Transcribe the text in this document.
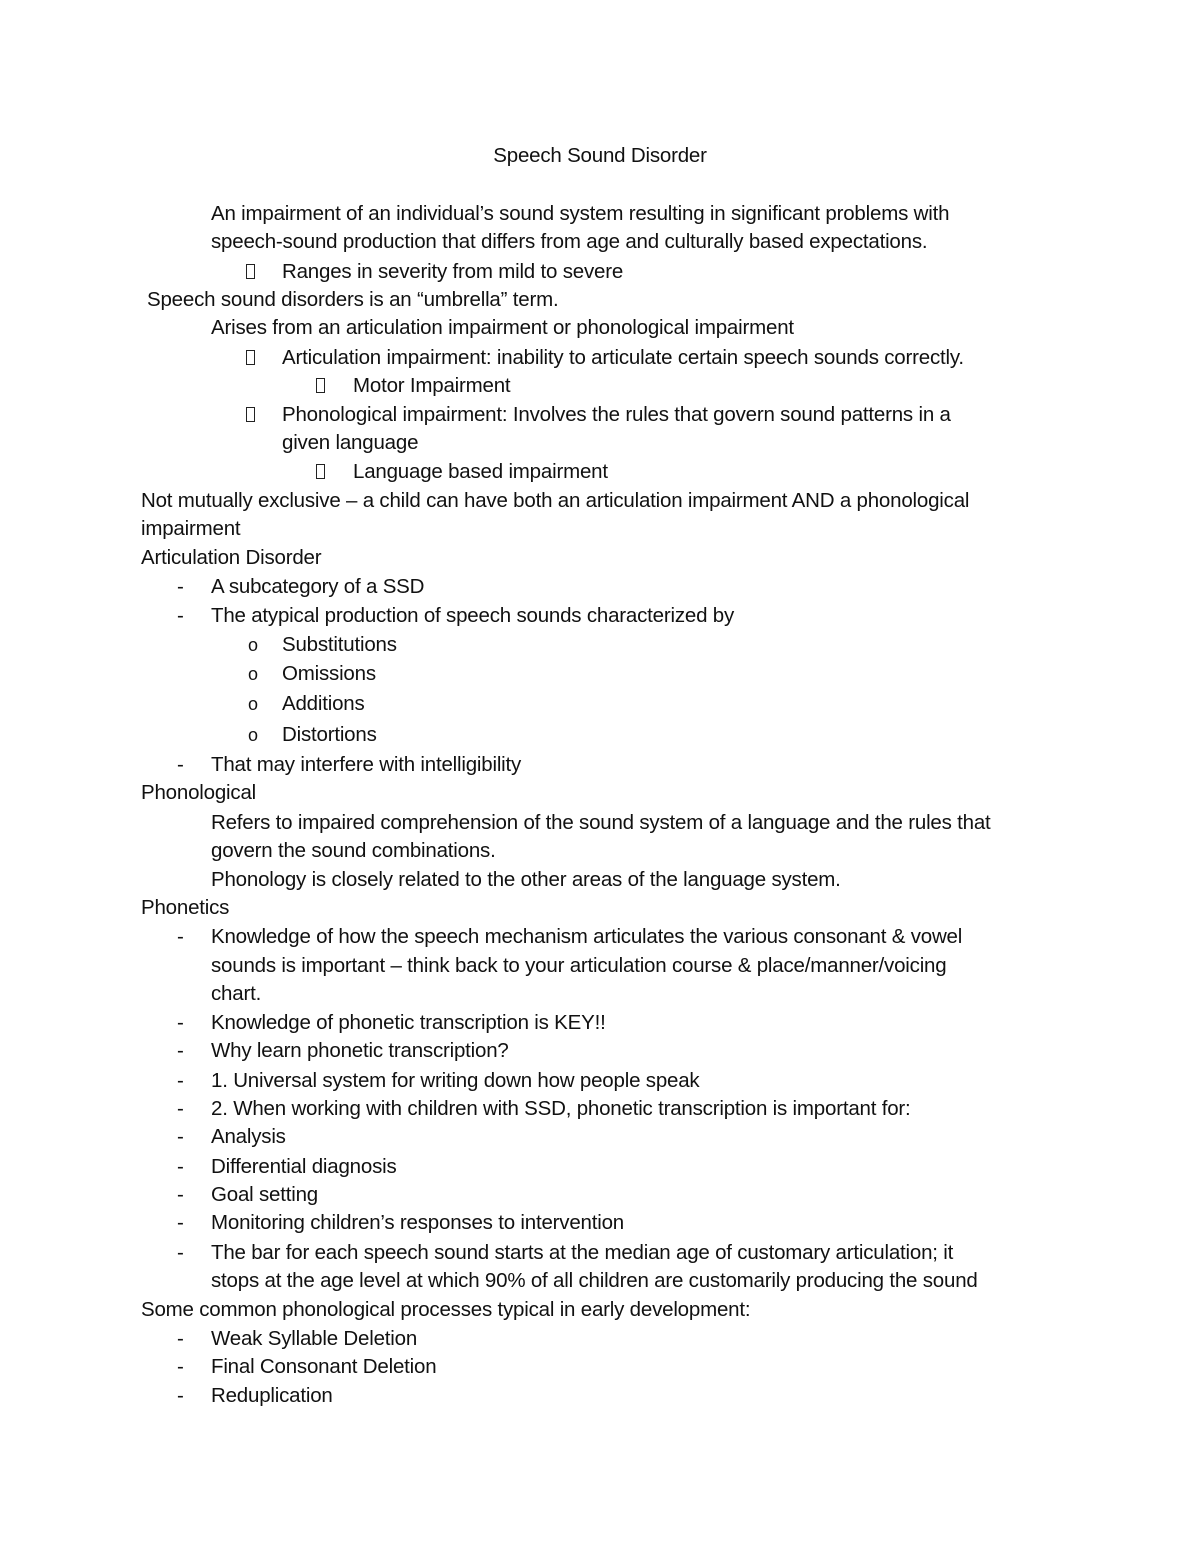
Speech Sound Disorder
An impairment of an individual’s sound system resulting in significant problems with
speech-sound production that differs from age and culturally based expectations.
Ranges in severity from mild to severe
Speech sound disorders is an “umbrella” term.
Arises from an articulation impairment or phonological impairment
Articulation impairment: inability to articulate certain speech sounds correctly.
Motor Impairment
Phonological impairment: Involves the rules that govern sound patterns in a
given language
Language based impairment
Not mutually exclusive – a child can have both an articulation impairment AND a phonological
impairment
Articulation Disorder
- A subcategory of a SSD
- The atypical production of speech sounds characterized by
o Substitutions
o Omissions
o Additions
o Distortions
- That may interfere with intelligibility
Phonological
Refers to impaired comprehension of the sound system of a language and the rules that
govern the sound combinations.
Phonology is closely related to the other areas of the language system.
Phonetics
- Knowledge of how the speech mechanism articulates the various consonant & vowel
sounds is important – think back to your articulation course & place/manner/voicing
chart.
- Knowledge of phonetic transcription is KEY!!
- Why learn phonetic transcription?
- 1. Universal system for writing down how people speak
- 2. When working with children with SSD, phonetic transcription is important for:
- Analysis
- Differential diagnosis
- Goal setting
- Monitoring children’s responses to intervention
- The bar for each speech sound starts at the median age of customary articulation; it
stops at the age level at which 90% of all children are customarily producing the sound
Some common phonological processes typical in early development:
- Weak Syllable Deletion
- Final Consonant Deletion
- Reduplication
